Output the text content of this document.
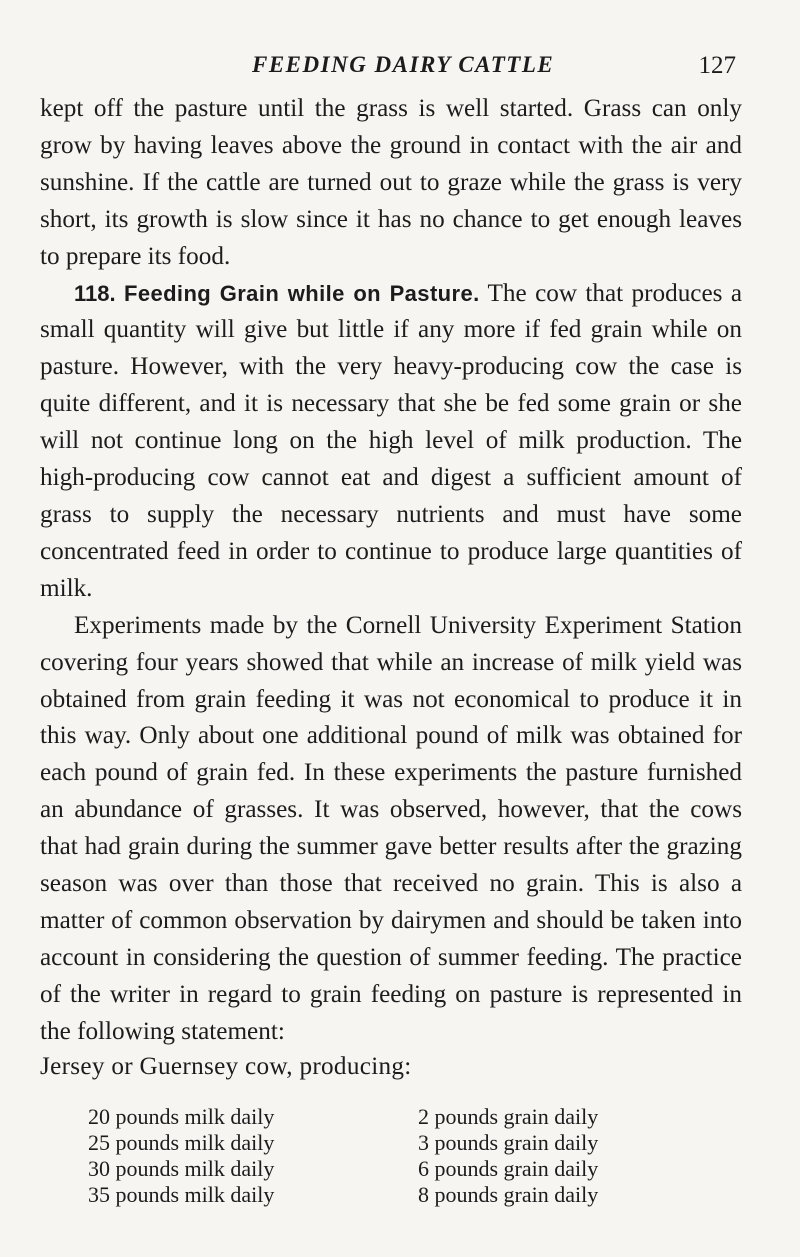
FEEDING DAIRY CATTLE	127

kept off the pasture until the grass is well started. Grass can only grow by having leaves above the ground in contact with the air and sunshine. If the cattle are turned out to graze while the grass is very short, its growth is slow since it has no chance to get enough leaves to prepare its food.

118. Feeding Grain while on Pasture. The cow that produces a small quantity will give but little if any more if fed grain while on pasture. However, with the very heavy-producing cow the case is quite different, and it is necessary that she be fed some grain or she will not continue long on the high level of milk production. The high-producing cow cannot eat and digest a sufficient amount of grass to supply the necessary nutrients and must have some concentrated feed in order to continue to produce large quantities of milk.

Experiments made by the Cornell University Experiment Station covering four years showed that while an increase of milk yield was obtained from grain feeding it was not economical to produce it in this way. Only about one additional pound of milk was obtained for each pound of grain fed. In these experiments the pasture furnished an abundance of grasses. It was observed, however, that the cows that had grain during the summer gave better results after the grazing season was over than those that received no grain. This is also a matter of common observation by dairymen and should be taken into account in considering the question of summer feeding. The practice of the writer in regard to grain feeding on pasture is represented in the following statement:

Jersey or Guernsey cow, producing:
20 pounds milk daily	2 pounds grain daily
25 pounds milk daily	3 pounds grain daily
30 pounds milk daily	6 pounds grain daily
35 pounds milk daily	8 pounds grain daily
